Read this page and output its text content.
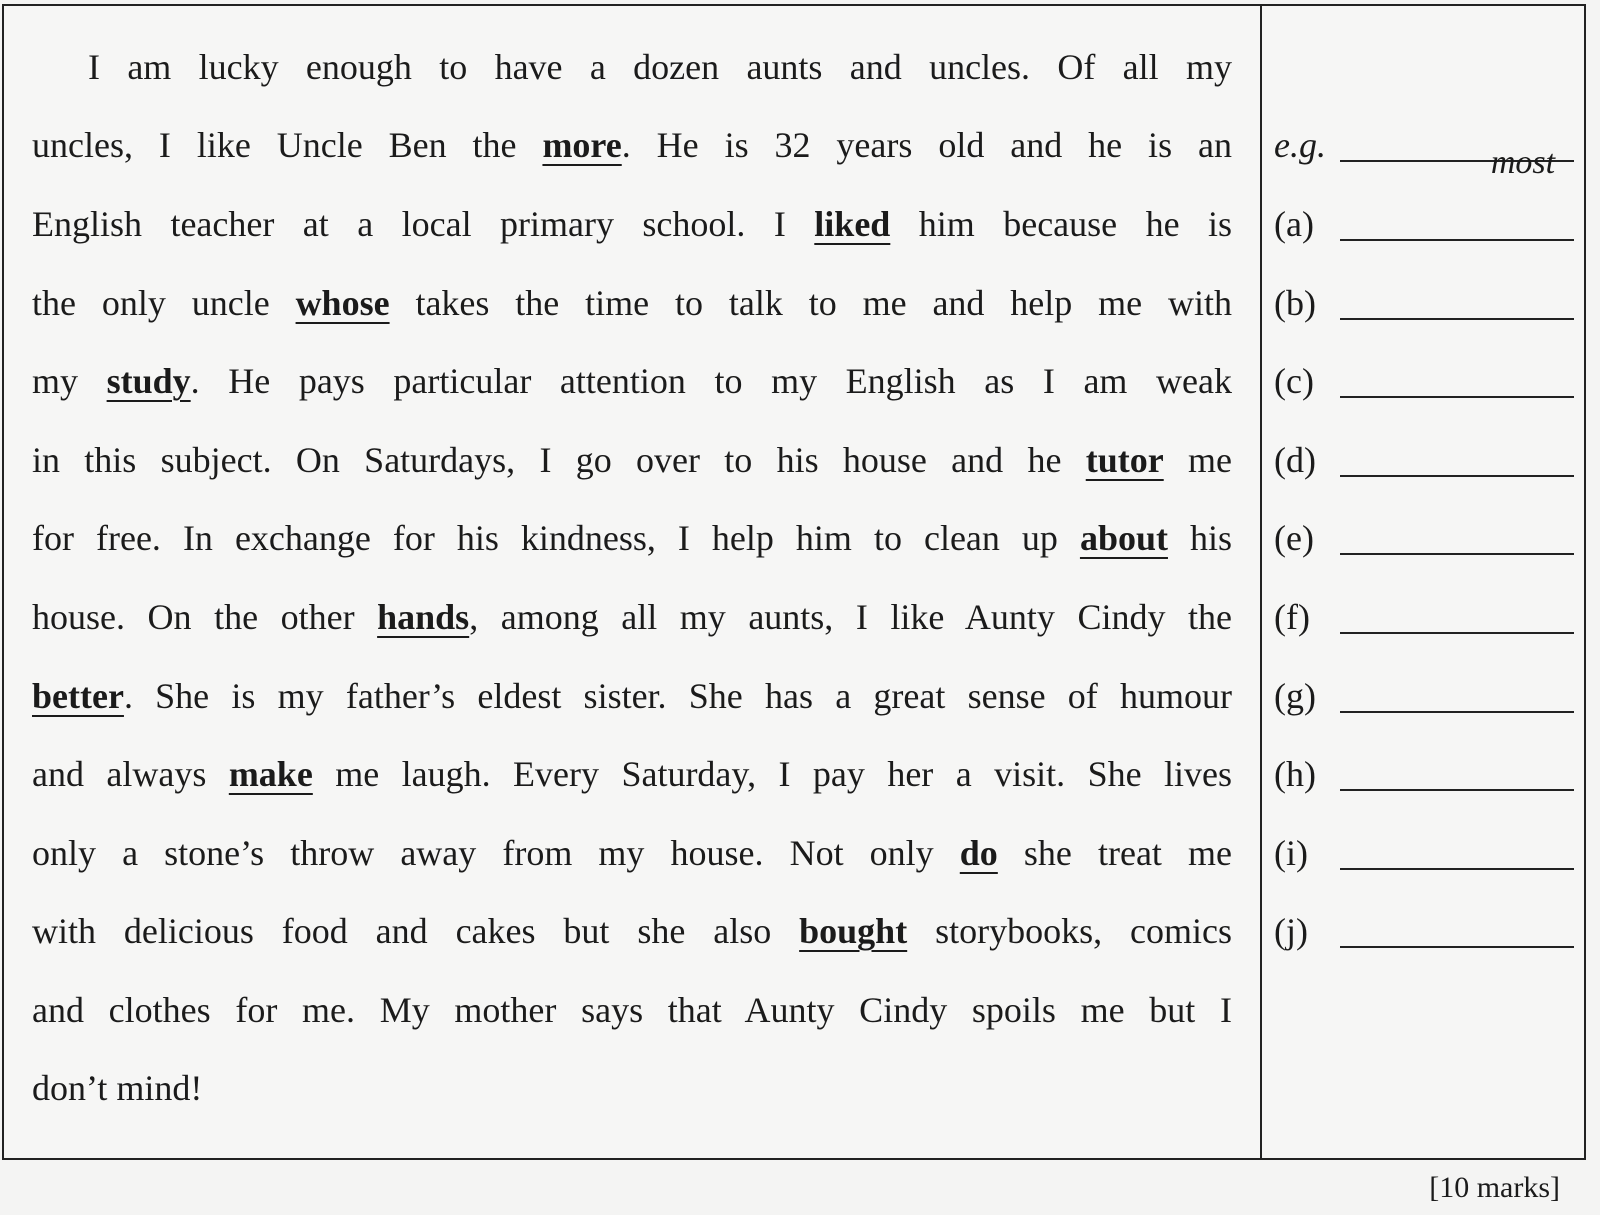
I am lucky enough to have a dozen aunts and uncles. Of all my
uncles, I like Uncle Ben the more. He is 32 years old and he is an
English teacher at a local primary school. I liked him because he is
the only uncle whose takes the time to talk to me and help me with
my study. He pays particular attention to my English as I am weak
in this subject. On Saturdays, I go over to his house and he tutor me
for free. In exchange for his kindness, I help him to clean up about his
house. On the other hands, among all my aunts, I like Aunty Cindy the
better. She is my father’s eldest sister. She has a great sense of humour
and always make me laugh. Every Saturday, I pay her a visit. She lives
only a stone’s throw away from my house. Not only do she treat me
with delicious food and cakes but she also bought storybooks, comics
and clothes for me. My mother says that Aunty Cindy spoils me but I
don’t mind!
e.g.	most
(a)
(b)
(c)
(d)
(e)
(f)
(g)
(h)
(i)
(j)
[10 marks]
